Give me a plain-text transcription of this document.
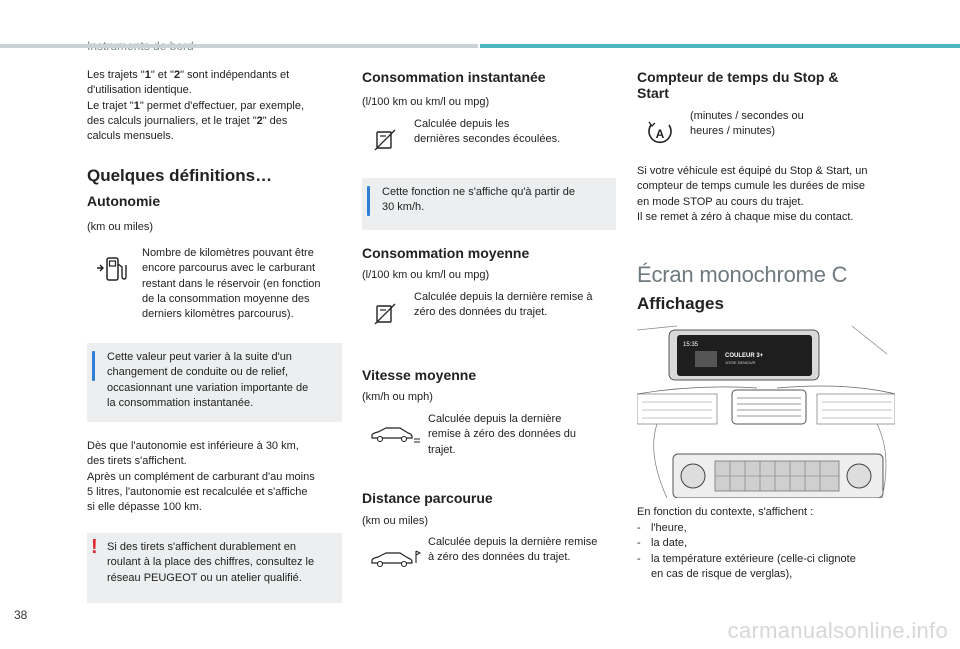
Les trajets "1" et "2" sont indépendants et

d'utilisation identique.

Le trajet "1" permet d'effectuer, par exemple,

des calculs journaliers, et le trajet "2" des

calculs mensuels.

Quelques définitions…
Autonomie
(km ou miles)

Nombre de kilomètres pouvant être

encore parcourus avec le carburant

restant dans le réservoir (en fonction

de la consommation moyenne des

derniers kilomètres parcourus).

Cette valeur peut varier à la suite d'un

changement de conduite ou de relief,

occasionnant une variation importante de

la consommation instantanée.

Dès que l'autonomie est inférieure à 30 km,

des tirets s'affichent.

Après un complément de carburant d'au moins

5 litres, l'autonomie est recalculée et s'affiche

si elle dépasse 100 km.

! Si des tirets s'affichent durablement en

roulant à la place des chiffres, consultez le

réseau PEUGEOT ou un atelier qualifié.

Consommation instantanée
(l/100 km ou km/l ou mpg)

Calculée depuis les

dernières secondes écoulées.

Cette fonction ne s'affiche qu'à partir de

30 km/h.

Consommation moyenne
(l/100 km ou km/l ou mpg)

Calculée depuis la dernière remise à

zéro des données du trajet.

Vitesse moyenne
(km/h ou mph)

Calculée depuis la dernière

remise à zéro des données du

trajet.

Distance parcourue
(km ou miles)

Calculée depuis la dernière remise

à zéro des données du trajet.

Compteur de temps du Stop &

Start

A

(minutes / secondes ou

heures / minutes)

Si votre véhicule est équipé du Stop & Start, un

compteur de temps cumule les durées de mise

en mode STOP au cours du trajet.

Il se remet à zéro à chaque mise du contact.

Écran monochrome C
Affichages
15:35
COULEUR 3+
JOSIE DEMOUR
En fonction du contexte, s'affichent :
- l'heure,
- la date,
- la température extérieure (celle-ci clignote
en cas de risque de verglas),
38
carmanualsonline.info
